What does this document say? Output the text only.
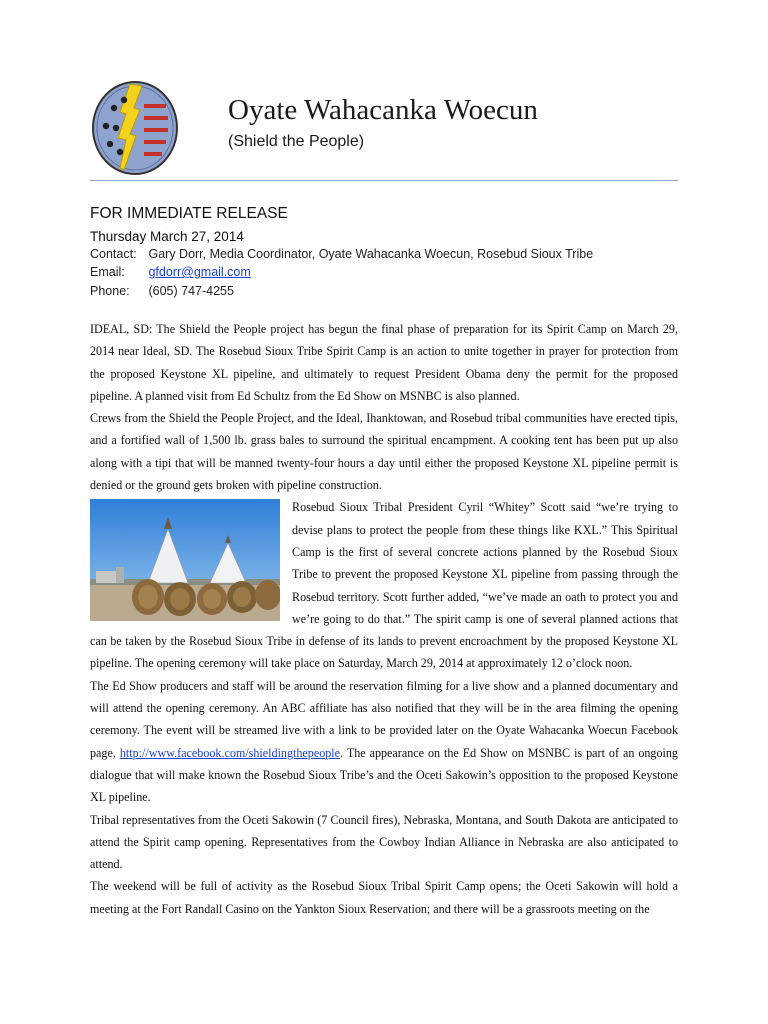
Oyate Wahacanka Woecun
(Shield the People)
FOR IMMEDIATE RELEASE
Thursday March 27, 2014
Contact: Gary Dorr, Media Coordinator, Oyate Wahacanka Woecun, Rosebud Sioux Tribe
Email: gfdorr@gmail.com
Phone: (605) 747-4255

IDEAL, SD: The Shield the People project has begun the final phase of preparation for its Spirit Camp on March 29, 2014 near Ideal, SD. The Rosebud Sioux Tribe Spirit Camp is an action to unite together in prayer for protection from the proposed Keystone XL pipeline, and ultimately to request President Obama deny the permit for the proposed pipeline. A planned visit from Ed Schultz from the Ed Show on MSNBC is also planned.

Crews from the Shield the People Project, and the Ideal, Ihanktowan, and Rosebud tribal communities have erected tipis, and a fortified wall of 1,500 lb. grass bales to surround the spiritual encampment. A cooking tent has been put up also along with a tipi that will be manned twenty-four hours a day until either the proposed Keystone XL pipeline permit is denied or the ground gets broken with pipeline construction.

Rosebud Sioux Tribal President Cyril “Whitey” Scott said “we’re trying to devise plans to protect the people from these things like KXL.” This Spiritual Camp is the first of several concrete actions planned by the Rosebud Sioux Tribe to prevent the proposed Keystone XL pipeline from passing through the Rosebud territory. Scott further added, “we’ve made an oath to protect you and we’re going to do that.” The spirit camp is one of several planned actions that can be taken by the Rosebud Sioux Tribe in defense of its lands to prevent encroachment by the proposed Keystone XL pipeline. The opening ceremony will take place on Saturday, March 29, 2014 at approximately 12 o’clock noon.

The Ed Show producers and staff will be around the reservation filming for a live show and a planned documentary and will attend the opening ceremony. An ABC affiliate has also notified that they will be in the area filming the opening ceremony. The event will be streamed live with a link to be provided later on the Oyate Wahacanka Woecun Facebook page, http://www.facebook.com/shieldingthepeople. The appearance on the Ed Show on MSNBC is part of an ongoing dialogue that will make known the Rosebud Sioux Tribe’s and the Oceti Sakowin’s opposition to the proposed Keystone XL pipeline.

Tribal representatives from the Oceti Sakowin (7 Council fires), Nebraska, Montana, and South Dakota are anticipated to attend the Spirit camp opening. Representatives from the Cowboy Indian Alliance in Nebraska are also anticipated to attend.

The weekend will be full of activity as the Rosebud Sioux Tribal Spirit Camp opens; the Oceti Sakowin will hold a meeting at the Fort Randall Casino on the Yankton Sioux Reservation; and there will be a grassroots meeting on the
